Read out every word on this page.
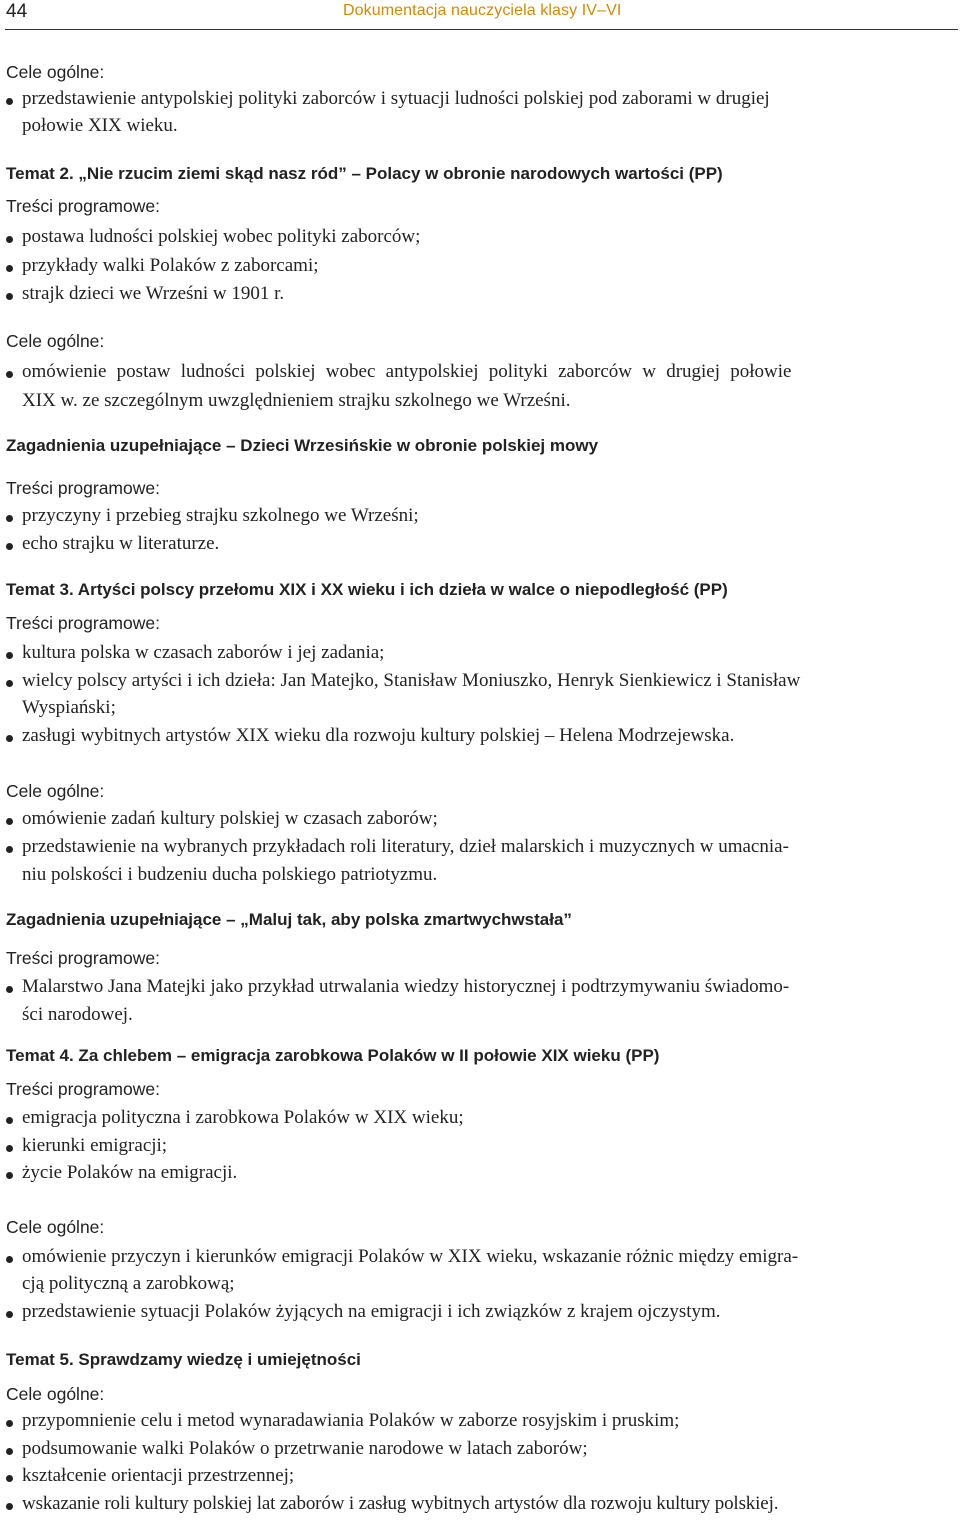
44	Dokumentacja nauczyciela klasy IV–VI
Cele ogólne:
przedstawienie antypolskiej polityki zaborców i sytuacji ludności polskiej pod zaborami w drugiej
połowie XIX wieku.
Temat 2. „Nie rzucim ziemi skąd nasz ród” – Polacy w obronie narodowych wartości (PP)
Treści programowe:
postawa ludności polskiej wobec polityki zaborców;
przykłady walki Polaków z zaborcami;
strajk dzieci we Wrześni w 1901 r.
Cele ogólne:
omówienie postaw ludności polskiej wobec antypolskiej polityki zaborców w drugiej połowie
XIX w. ze szczególnym uwzględnieniem strajku szkolnego we Wrześni.
Zagadnienia uzupełniające – Dzieci Wrzesińskie w obronie polskiej mowy
Treści programowe:
przyczyny i przebieg strajku szkolnego we Wrześni;
echo strajku w literaturze.
Temat 3. Artyści polscy przełomu XIX i XX wieku i ich dzieła w walce o niepodległość (PP)
Treści programowe:
kultura polska w czasach zaborów i jej zadania;
wielcy polscy artyści i ich dzieła: Jan Matejko, Stanisław Moniuszko, Henryk Sienkiewicz i Stanisław
Wyspiański;
zasługi wybitnych artystów XIX wieku dla rozwoju kultury polskiej – Helena Modrzejewska.
Cele ogólne:
omówienie zadań kultury polskiej w czasach zaborów;
przedstawienie na wybranych przykładach roli literatury, dzieł malarskich i muzycznych w umacnia-
niu polskości i budzeniu ducha polskiego patriotyzmu.
Zagadnienia uzupełniające – „Maluj tak, aby polska zmartwychwstała”
Treści programowe:
Malarstwo Jana Matejki jako przykład utrwalania wiedzy historycznej i podtrzymywaniu świadomo-
ści narodowej.
Temat 4. Za chlebem – emigracja zarobkowa Polaków w II połowie XIX wieku (PP)
Treści programowe:
emigracja polityczna i zarobkowa Polaków w XIX wieku;
kierunki emigracji;
życie Polaków na emigracji.
Cele ogólne:
omówienie przyczyn i kierunków emigracji Polaków w XIX wieku, wskazanie różnic między emigra-
cją polityczną a zarobkową;
przedstawienie sytuacji Polaków żyjących na emigracji i ich związków z krajem ojczystym.
Temat 5. Sprawdzamy wiedzę i umiejętności
Cele ogólne:
przypomnienie celu i metod wynaradawiania Polaków w zaborze rosyjskim i pruskim;
podsumowanie walki Polaków o przetrwanie narodowe w latach zaborów;
kształcenie orientacji przestrzennej;
wskazanie roli kultury polskiej lat zaborów i zasług wybitnych artystów dla rozwoju kultury polskiej.
